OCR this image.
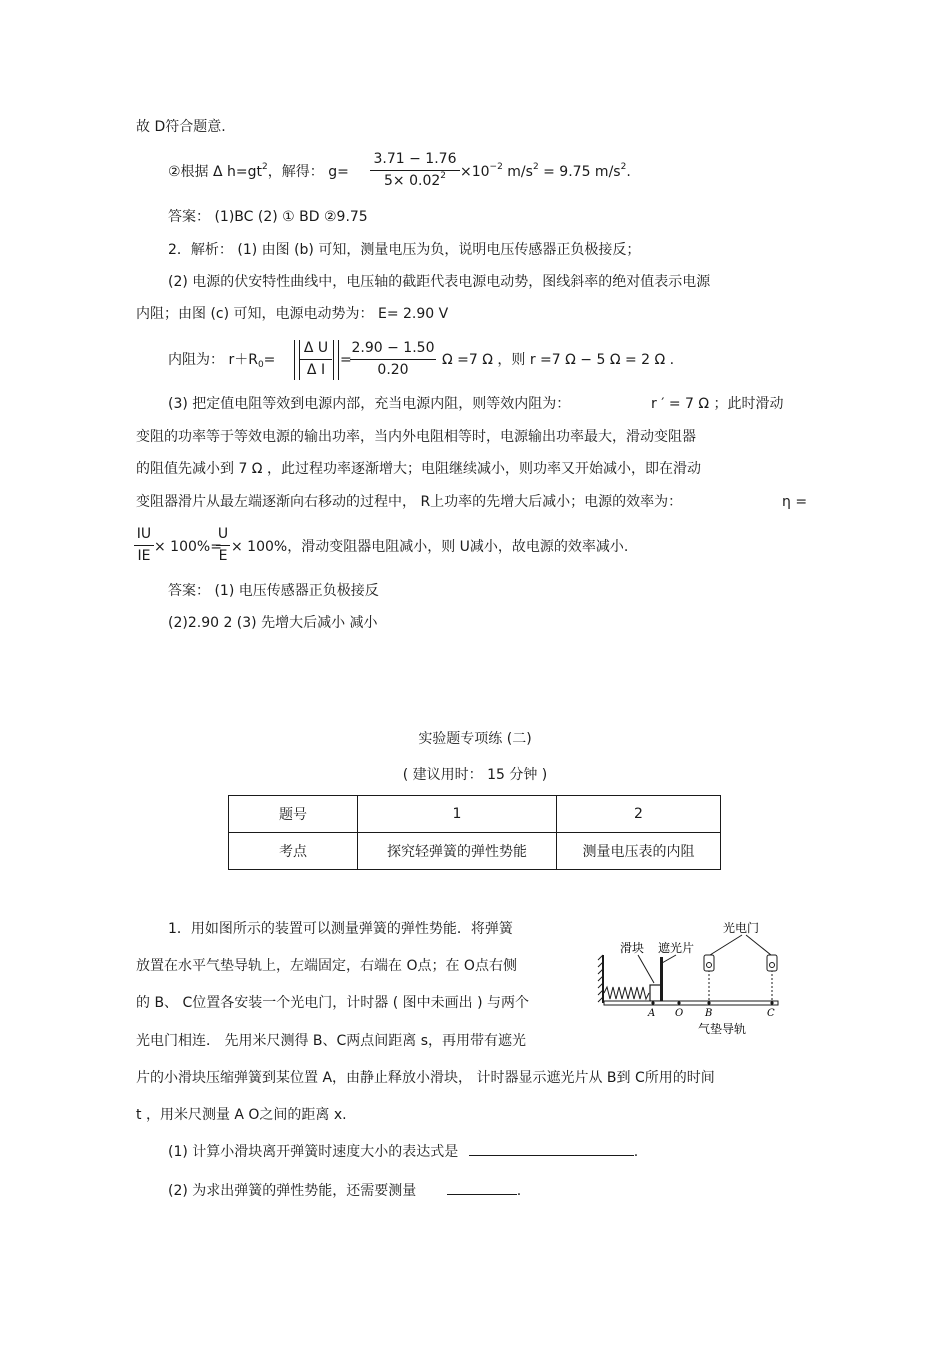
故 D符合题意.
②根据 Δ $h=gt^2$，解得： g=
3.71 − 1.76
$5\times 0.02^2$	$\times 10^{-2}$ $m/s^2 = 9.75$ $m/s^2$.
答案： (1)BC (2) ① BD ②9.75
2．解析： (1) 由图 (b) 可知，测量电压为负，说明电压传感器正负极接反；
(2) 电源的伏安特性曲线中，电压轴的截距代表电源电动势，图线斜率的绝对值表示电源
内阻；由图 (c) 可知，电源电动势为： E= 2.90 V
内阻为： $r+R_0=$
Δ U
Δ I
=
2.90 − 1.50
0.20
Ω =7 Ω ，则 r =7 Ω − 5 Ω = 2 Ω .
(3) 把定值电阻等效到电源内部，充当电源内阻，则等效内阻为：	r ′ = 7 Ω ；此时滑动
变阻的功率等于等效电源的输出功率，当内外电阻相等时，电源输出功率最大，滑动变阻器
的阻值先减小到 7 Ω ，此过程功率逐渐增大；电阻继续减小，则功率又开始减小，即在滑动
变阻器滑片从最左端逐渐向右移动的过程中， R上功率的先增大后减小；电源的效率为：	η =
IU
IE
× 100%=
U
E
× 100%，滑动变阻器电阻减小，则 U减小，故电源的效率减小.
答案： (1) 电压传感器正负极接反
(2)2.90 2 (3) 先增大后减小 减小
实验题专项练 (二)
( 建议用时： 15 分钟 )
题号	1	2
考点	探究轻弹簧的弹性势能	测量电压表的内阻
1．用如图所示的装置可以测量弹簧的弹性势能．将弹簧
放置在水平气垫导轨上，左端固定，右端在 O点；在 O点右侧
的 B、 C位置各安装一个光电门，计时器 ( 图中未画出 ) 与两个
光电门相连． 先用米尺测得 B、C两点间距离 s，再用带有遮光
片的小滑块压缩弹簧到某位置 A，由静止释放小滑块， 计时器显示遮光片从 B到 C所用的时间
t ，用米尺测量 A O之间的距离 x.
(1) 计算小滑块离开弹簧时速度大小的表达式是	.
(2) 为求出弹簧的弹性势能，还需要测量	.
光电门
滑块 遮光片
气垫导轨
A O B	C
